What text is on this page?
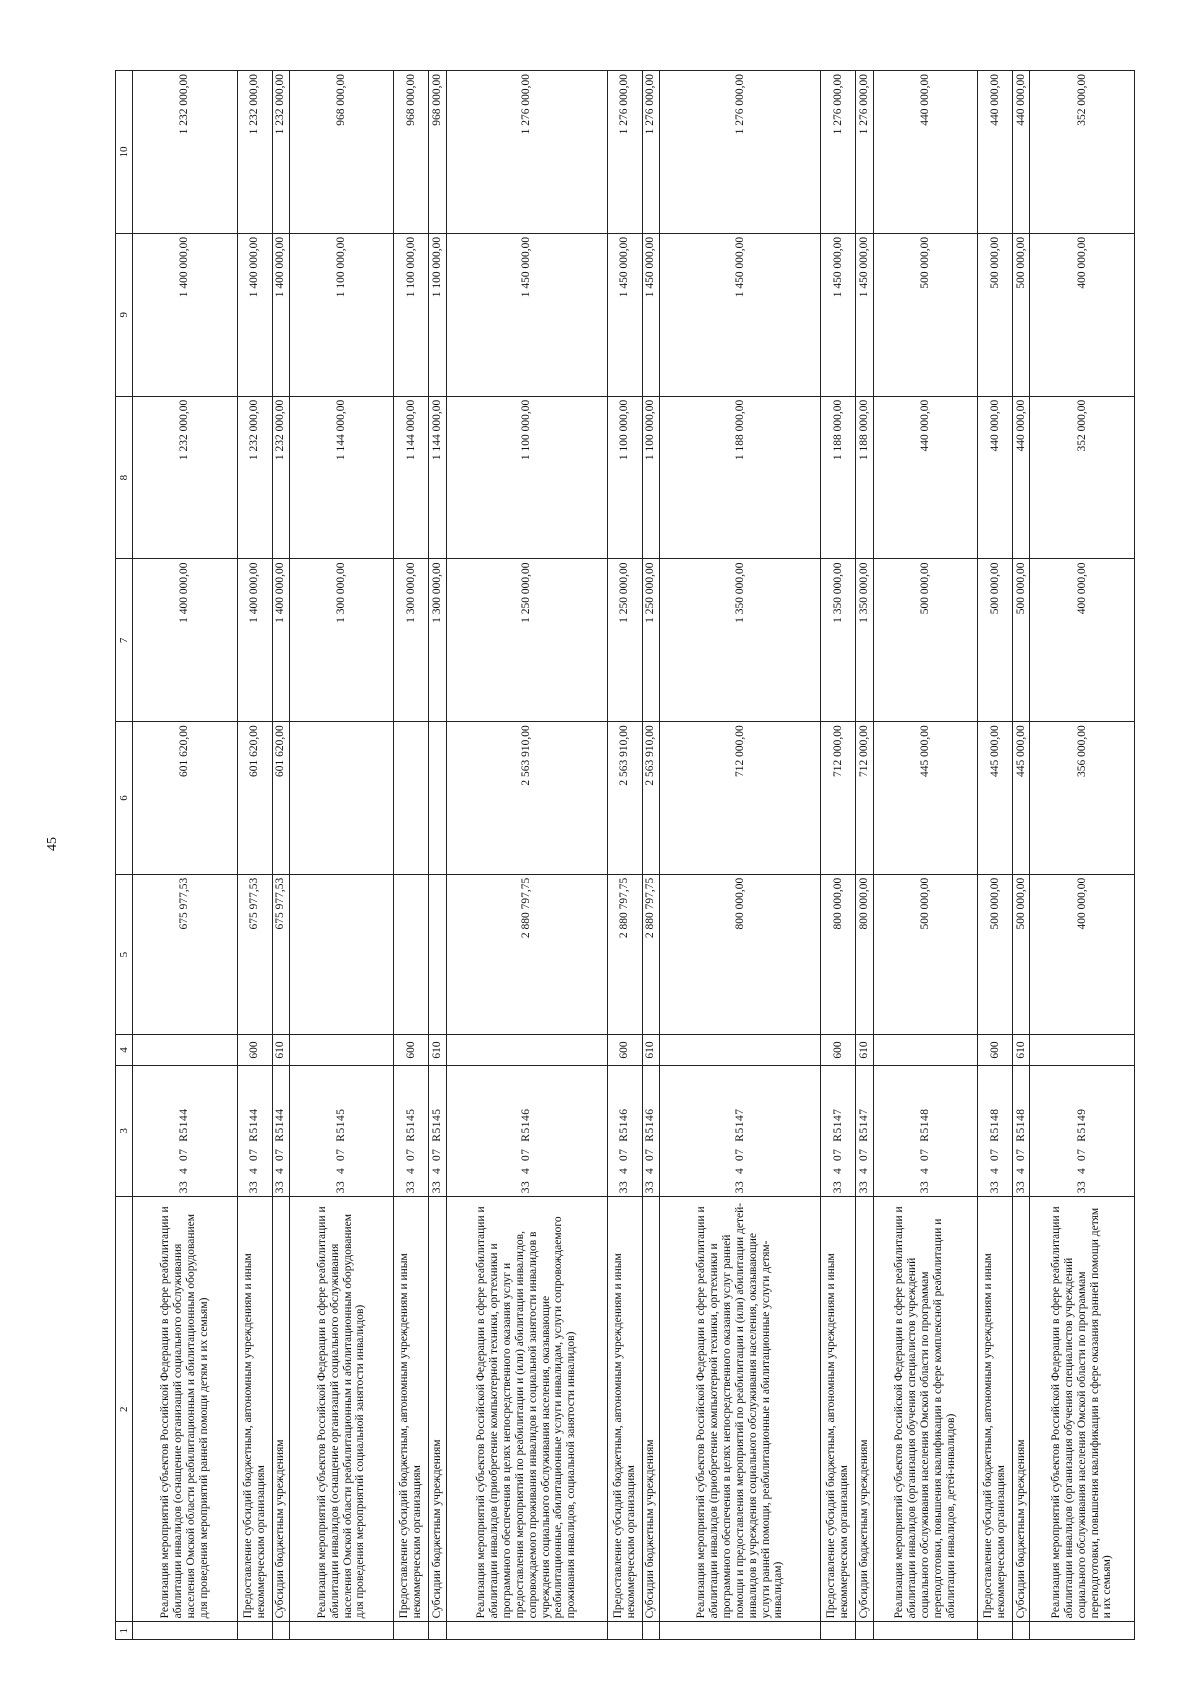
45
1	2	3	4	5	6	7	8	9	10
	Реализация мероприятий субъектов Российской Федерации в сфере реабилитации и абилитации инвалидов (оснащение организаций социального обслуживания населения Омской области реабилитационным и абилитационным оборудованием для проведения мероприятий ранней помощи детям и их семьям)	33  4  07  R5144		675 977,53	601 620,00	1 400 000,00	1 232 000,00	1 400 000,00	1 232 000,00
	Предоставление субсидий бюджетным, автономным учреждениям и иным некоммерческим организациям	33  4  07  R5144	600	675 977,53	601 620,00	1 400 000,00	1 232 000,00	1 400 000,00	1 232 000,00
	Субсидии бюджетным учреждениям	33  4  07  R5144	610	675 977,53	601 620,00	1 400 000,00	1 232 000,00	1 400 000,00	1 232 000,00
	Реализация мероприятий субъектов Российской Федерации в сфере реабилитации и абилитации инвалидов (оснащение организаций социального обслуживания населения Омской области реабилитационным и абилитационным оборудованием для проведения мероприятий социальной занятости инвалидов)	33  4  07  R5145				1 300 000,00	1 144 000,00	1 100 000,00	968 000,00
	Предоставление субсидий бюджетным, автономным учреждениям и иным некоммерческим организациям	33  4  07  R5145	600			1 300 000,00	1 144 000,00	1 100 000,00	968 000,00
	Субсидии бюджетным учреждениям	33  4  07  R5145	610			1 300 000,00	1 144 000,00	1 100 000,00	968 000,00
	Реализация мероприятий субъектов Российской Федерации в сфере реабилитации и абилитации инвалидов (приобретение компьютерной техники, оргтехники и программного обеспечения в целях непосредственного оказания услуг и предоставления мероприятий по реабилитации и (или) абилитации инвалидов, сопровождаемого проживания инвалидов и социальной занятости инвалидов в учреждения социального обслуживания населения, оказывающие реабилитационные, абилитационные услуги инвалидам, услуги сопровождаемого проживания инвалидов, социальной занятости инвалидов)	33  4  07  R5146		2 880 797,75	2 563 910,00	1 250 000,00	1 100 000,00	1 450 000,00	1 276 000,00
	Предоставление субсидий бюджетным, автономным учреждениям и иным некоммерческим организациям	33  4  07  R5146	600	2 880 797,75	2 563 910,00	1 250 000,00	1 100 000,00	1 450 000,00	1 276 000,00
	Субсидии бюджетным учреждениям	33  4  07  R5146	610	2 880 797,75	2 563 910,00	1 250 000,00	1 100 000,00	1 450 000,00	1 276 000,00
	Реализация мероприятий субъектов Российской Федерации в сфере реабилитации и абилитации инвалидов (приобретение компьютерной техники, оргтехники и программного обеспечения в целях непосредственного оказания услуг ранней помощи и предоставления мероприятий по реабилитации и (или) абилитации детей-инвалидов в учреждения социального обслуживания населения, оказывающие услуги ранней помощи, реабилитационные и абилитационные услуги детям-инвалидам)	33  4  07  R5147		800 000,00	712 000,00	1 350 000,00	1 188 000,00	1 450 000,00	1 276 000,00
	Предоставление субсидий бюджетным, автономным учреждениям и иным некоммерческим организациям	33  4  07  R5147	600	800 000,00	712 000,00	1 350 000,00	1 188 000,00	1 450 000,00	1 276 000,00
	Субсидии бюджетным учреждениям	33  4  07  R5147	610	800 000,00	712 000,00	1 350 000,00	1 188 000,00	1 450 000,00	1 276 000,00
	Реализация мероприятий субъектов Российской Федерации в сфере реабилитации и абилитации инвалидов (организация обучения специалистов учреждений социального обслуживания населения Омской области по программам переподготовки, повышения квалификации в сфере комплексной реабилитации и абилитации инвалидов, детей-инвалидов)	33  4  07  R5148		500 000,00	445 000,00	500 000,00	440 000,00	500 000,00	440 000,00
	Предоставление субсидий бюджетным, автономным учреждениям и иным некоммерческим организациям	33  4  07  R5148	600	500 000,00	445 000,00	500 000,00	440 000,00	500 000,00	440 000,00
	Субсидии бюджетным учреждениям	33  4  07  R5148	610	500 000,00	445 000,00	500 000,00	440 000,00	500 000,00	440 000,00
	Реализация мероприятий субъектов Российской Федерации в сфере реабилитации и абилитации инвалидов (организация обучения специалистов учреждений социального обслуживания населения Омской области по программам переподготовки, повышения квалификации в сфере оказания ранней помощи детям и их семьям)	33  4  07  R5149		400 000,00	356 000,00	400 000,00	352 000,00	400 000,00	352 000,00
